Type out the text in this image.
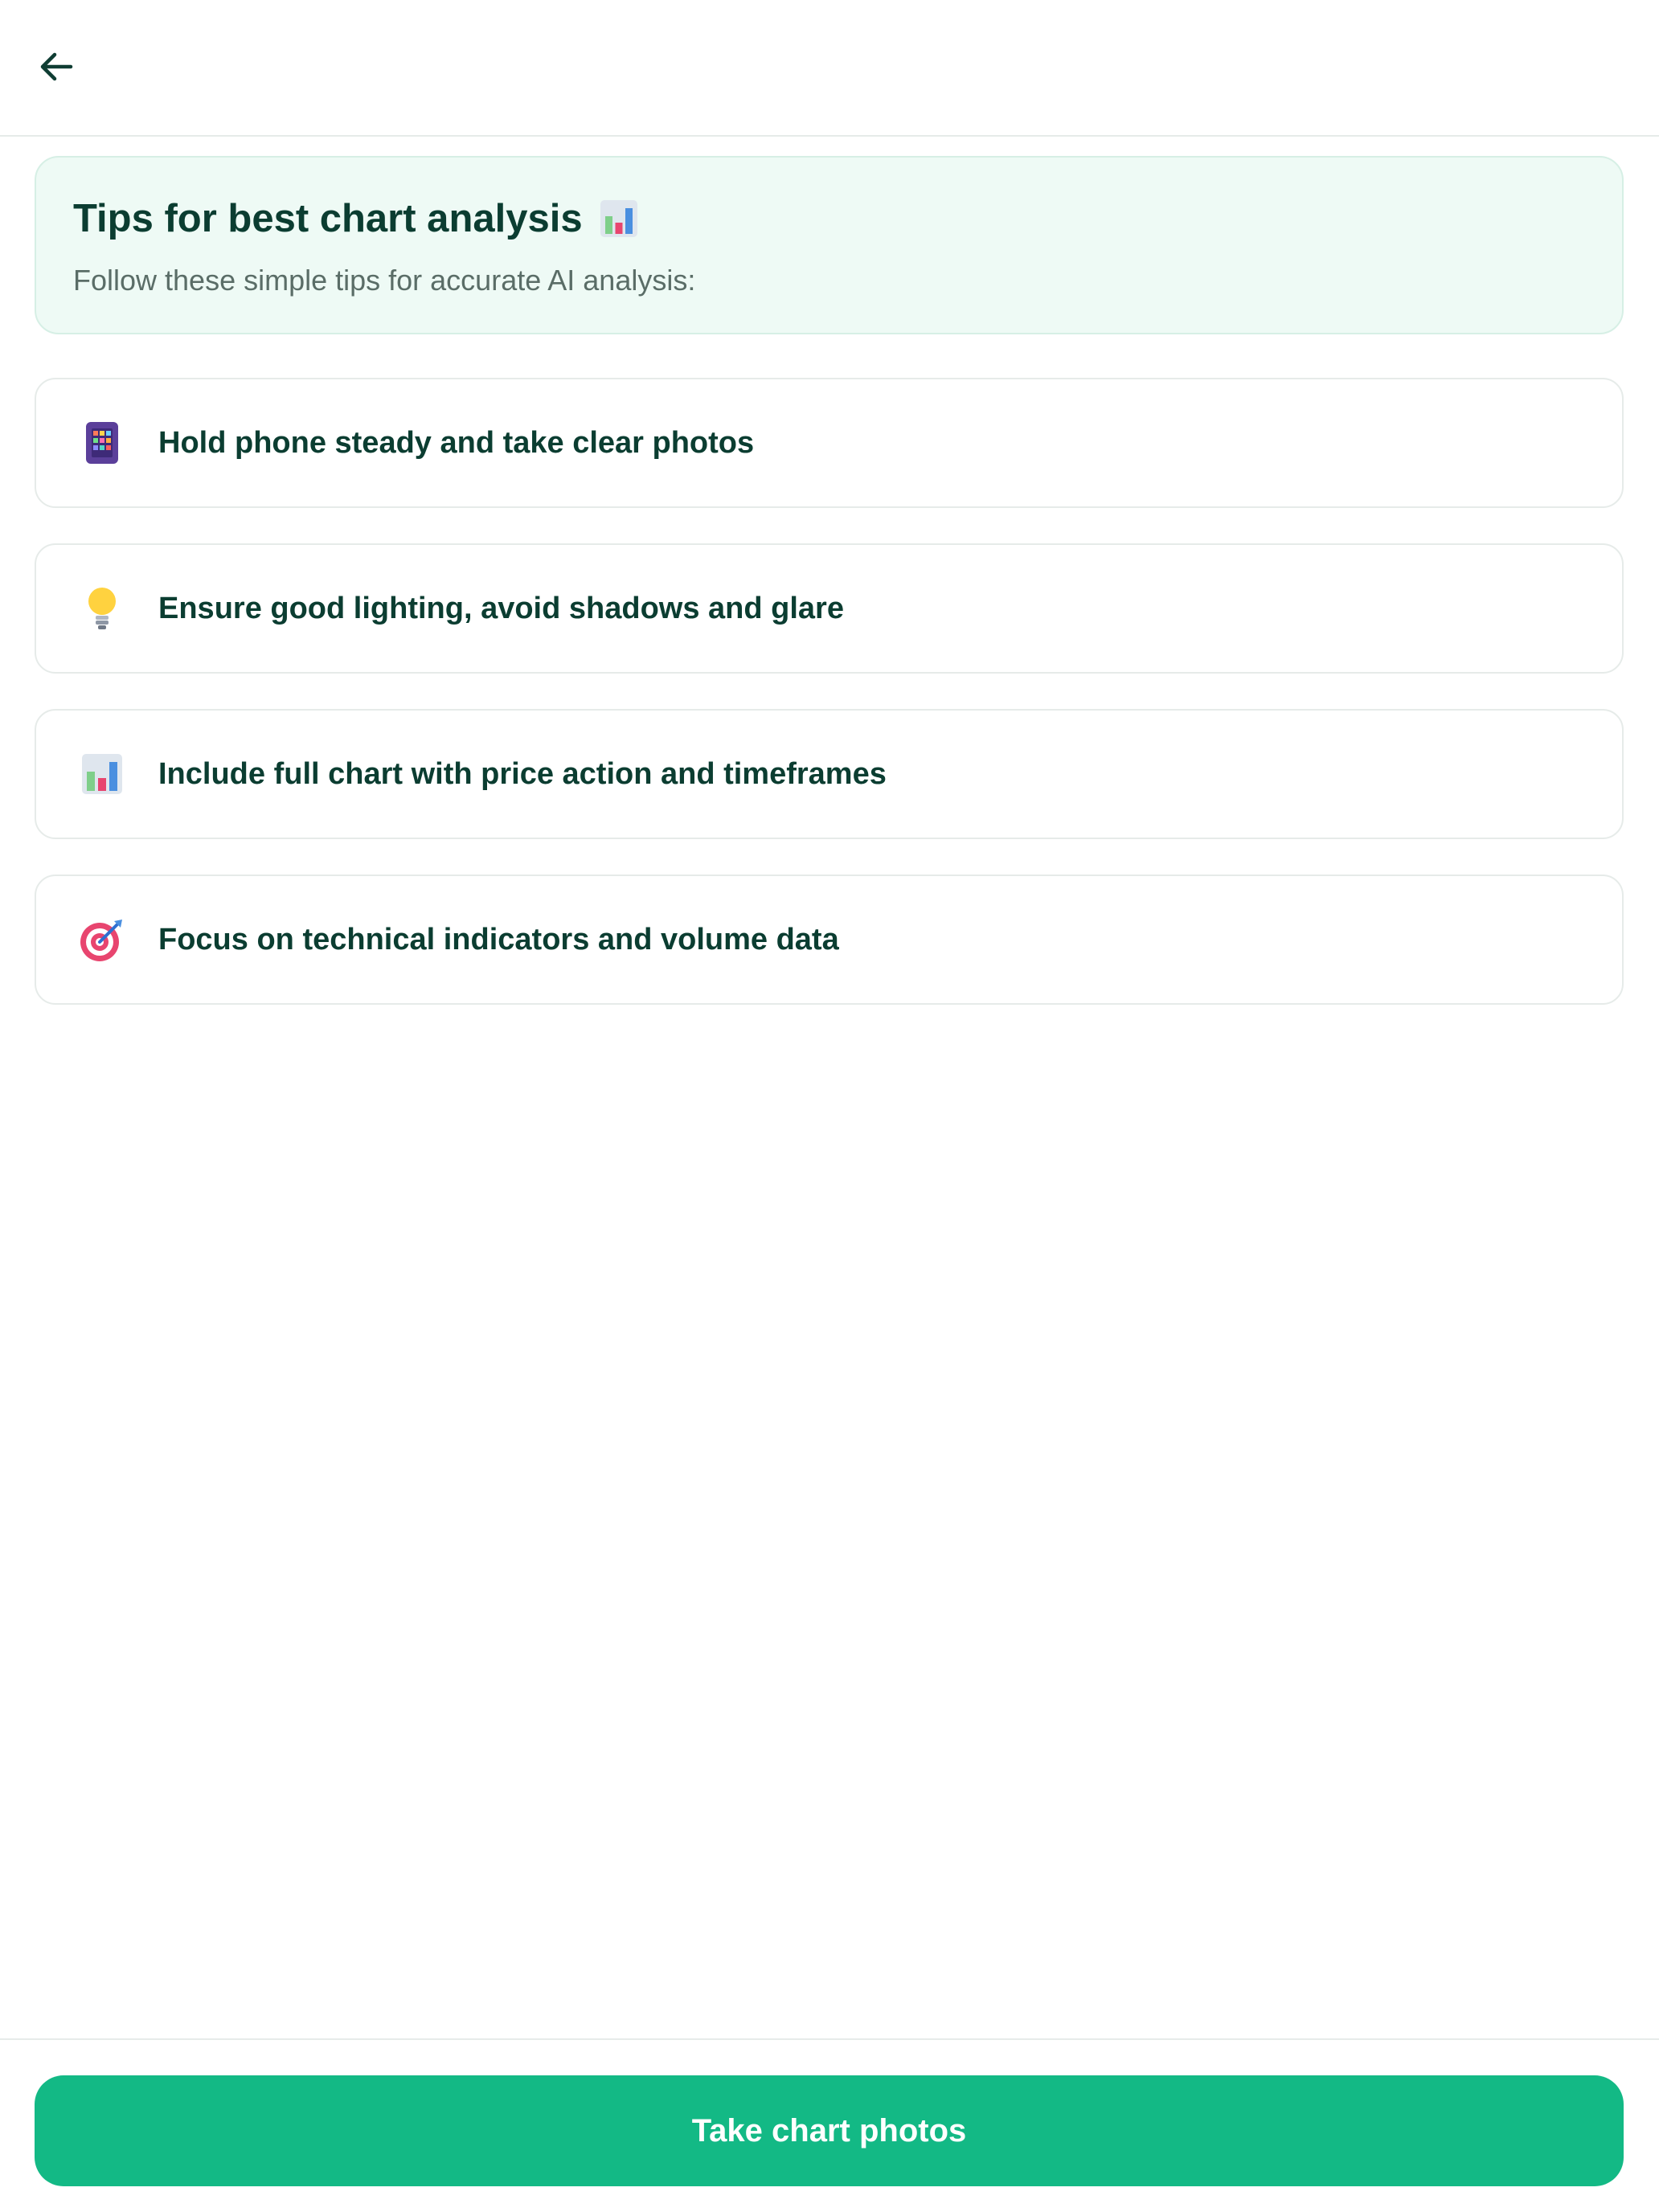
Tips for best chart analysis
Follow these simple tips for accurate AI analysis:
Hold phone steady and take clear photos
Ensure good lighting, avoid shadows and glare
Include full chart with price action and timeframes
Focus on technical indicators and volume data
Take chart photos
